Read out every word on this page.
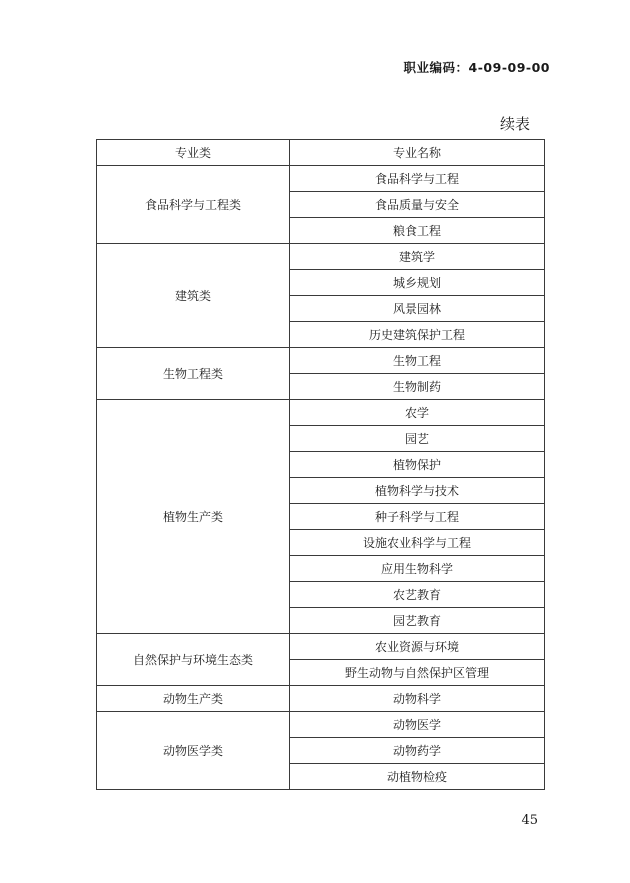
职业编码：4-09-09-00
续表
专业类	专业名称
食品科学与工程类	食品科学与工程
	食品质量与安全
	粮食工程
建筑类	建筑学
	城乡规划
	风景园林
	历史建筑保护工程
生物工程类	生物工程
	生物制药
植物生产类	农学
	园艺
	植物保护
	植物科学与技术
	种子科学与工程
	设施农业科学与工程
	应用生物科学
	农艺教育
	园艺教育
自然保护与环境生态类	农业资源与环境
	野生动物与自然保护区管理
动物生产类	动物科学
动物医学类	动物医学
	动物药学
	动植物检疫
45
